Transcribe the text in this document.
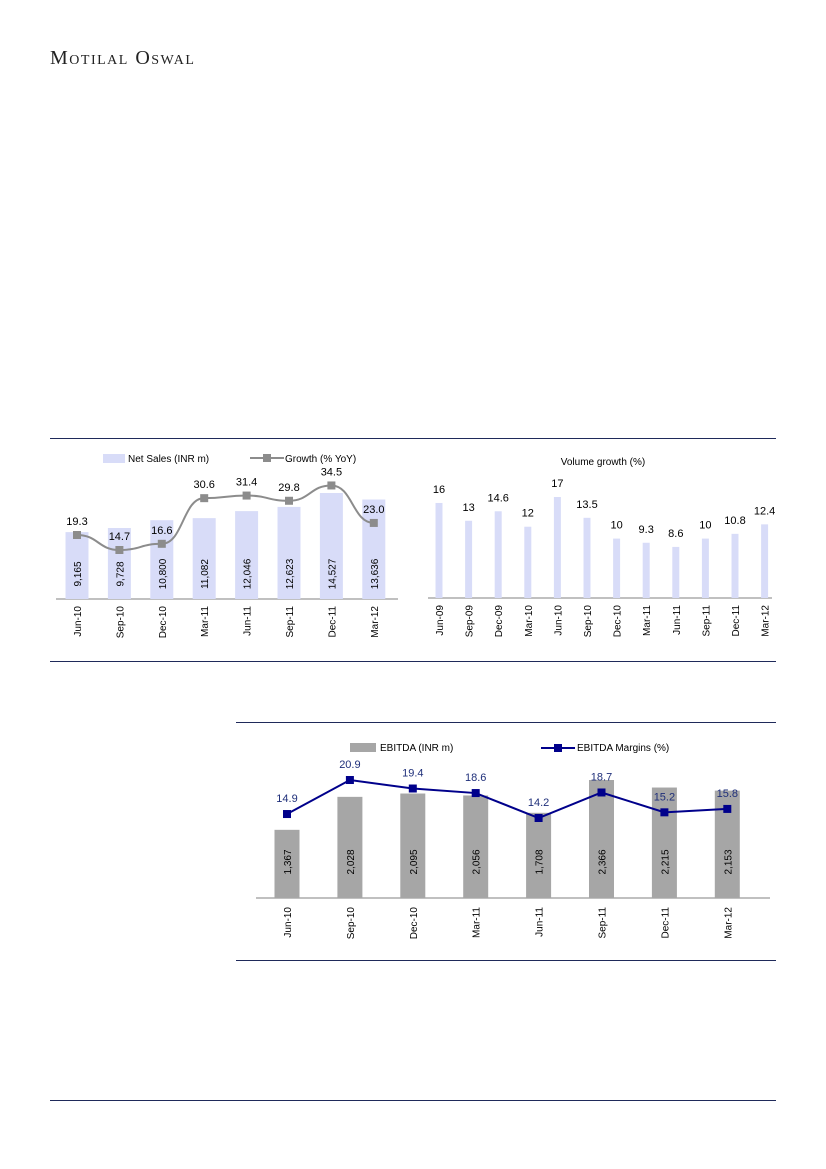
Motilal Oswal
Net Sales (INR m)	Growth (% YoY)
9,165
Jun-10
9,728
Sep-10
10,800
Dec-10
11,082
Mar-11
12,046
Jun-11
12,623
Sep-11
14,527
Dec-11
13,636
Mar-12
19.3
14.7
16.6
30.6 31.4 29.8
34.5
23.0
Volume growth (%)
16
Jun-09
13
Sep-09
14.6
Dec-09
12
Mar-10
17
Jun-10
13.5
Sep-10
10
Dec-10
9.3
Mar-11
8.6
Jun-11
10
Sep-11
10.8
Dec-11
12.4
Mar-12
EBITDA (INR m)	EBITDA Margins (%)
1,367
Jun-10
2,028
Sep-10
2,095
Dec-10
2,056
Mar-11
1,708
Jun-11
2,366
Sep-11
2,215
Dec-11
2,153
Mar-12
14.9
20.9
19.4	18.6
14.2
18.7
15.2	15.8
